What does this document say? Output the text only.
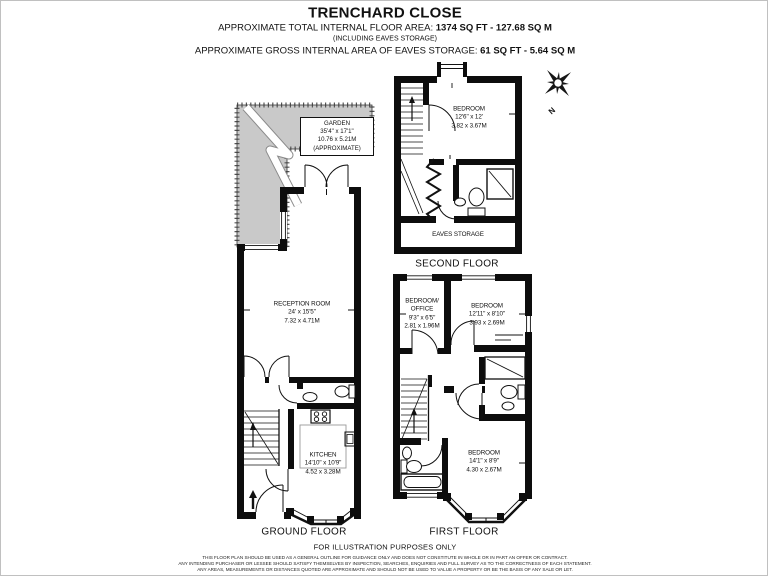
TRENCHARD CLOSE
APPROXIMATE TOTAL INTERNAL FLOOR AREA: 1374 SQ FT - 127.68 SQ M
(INCLUDING EAVES STORAGE)
APPROXIMATE GROSS INTERNAL AREA OF EAVES STORAGE: 61 SQ FT - 5.64 SQ M
GARDEN
35'4" x 17'1"
10.76 x 5.21M
(APPROXIMATE)
RECEPTION ROOM
24' x 15'5"
7.32 x 4.71M
KITCHEN
14'10" x 10'9"
4.52 x 3.28M
BEDROOM
12'6" x 12'
3.82 x 3.67M
EAVES STORAGE
BEDROOM/
OFFICE
9'3" x 6'5"
2.81 x 1.96M
BEDROOM
12'11" x 8'10"
3.93 x 2.69M
BEDROOM
14'1" x 8'9"
4.30 x 2.67M
GROUND FLOOR
SECOND FLOOR
FIRST FLOOR
N
FOR ILLUSTRATION PURPOSES ONLY
THIS FLOOR PLAN SHOULD BE USED AS A GENERAL OUTLINE FOR GUIDANCE ONLY AND DOES NOT CONSTITUTE IN WHOLE OR IN PART AN OFFER OR CONTRACT.
ANY INTENDING PURCHASER OR LESSEE SHOULD SATISFY THEMSELVES BY INSPECTION, SEARCHES, ENQUIRIES AND FULL SURVEY AS TO THE CORRECTNESS OF EACH STATEMENT.
ANY AREAS, MEASUREMENTS OR DISTANCES QUOTED ARE APPROXIMATE AND SHOULD NOT BE USED TO VALUE A PROPERTY OR BE THE BASIS OF ANY SALE OR LET.
